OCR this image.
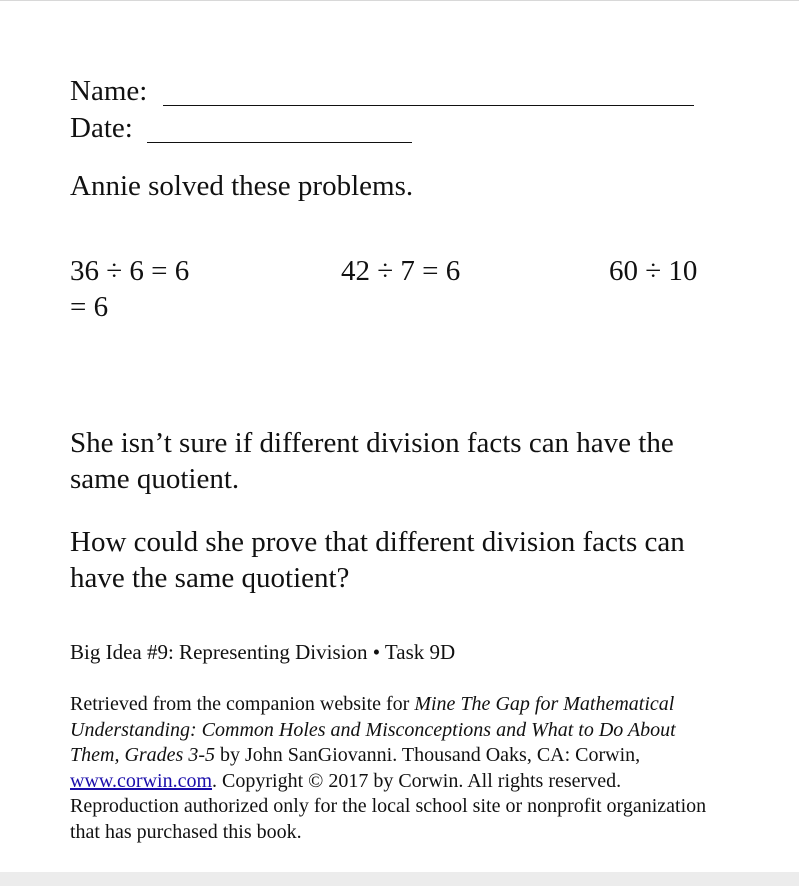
Name:

Date:

Annie solved these problems.

36 ÷ 6 = 6	42 ÷ 7 = 6	60 ÷ 10

= 6

She isn’t sure if different division facts can have the same quotient.

How could she prove that different division facts can have the same quotient?

Big Idea #9: Representing Division • Task 9D

Retrieved from the companion website for Mine The Gap for Mathematical Understanding: Common Holes and Misconceptions and What to Do About Them, Grades 3-5 by John SanGiovanni. Thousand Oaks, CA: Corwin, www.corwin.com. Copyright © 2017 by Corwin. All rights reserved. Reproduction authorized only for the local school site or nonprofit organization that has purchased this book.
